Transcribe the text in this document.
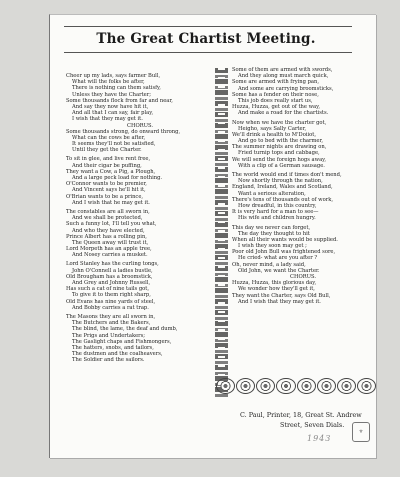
The Great Chartist Meeting.
Cheer up my lads, says farmer Bull,
What will the folks be after,
There is nothing can them satisfy,
Unless they have the Charter;
Some thousands flock from far and near,
And say they now have hit it,
And all that I can say, fair play,
I wish that they may get it.
CHORUS.
Some thousands strong, do onward throng,
What can the cows be after,
It seems they'll not be satisfied,
Until they get the Charter.
To sit in glee, and live rent free,
And their cigar be puffing,
They want a Cow, a Pig, a Plough,
And a large peck load for nothing.
O'Connor wants to be premier,
And Vincent says he'll hit it,
O'Brian wants to be a prince,
And I wish that he may get it.
The constables are all sworn in,
And we shall be protected,
Such a funny lot, I'll tell you what,
And who they have elected,
Prince Albert has a rolling pin,
The Queen away will trust it,
Lord Morpeth has an apple tree,
And Nosey carries a musket.
Lord Stanley has the curling tongs,
John O'Connell a ladies bustle,
Old Brougham has a broomstick,
And Grey and Johnny Russell,
Has such a cat of nine tails got,
To give it to them right sharp,
Old Evans has nine yards of steel,
And Bobby carries a rat trap.
The Masons they are all sworn in,
The Butchers and the Bakers,
The blind, the lame, the deaf and dumb,
The Prigs and Undertakers;
The Gaslight chaps and Fishmongers,
The hatters, snobs, and tailors,
The dustmen and the coalheavers,
The Soldier and the sailors.
Some of them are armed with swords,
And they along must march quick,
Some are armed with frying pan,
And some are carrying broomsticks,
Some has a fender on their nose,
This job does really start us,
Huzza, Huzza, get out of the way,
And make a road for the chartists.
Now when we have the charter got,
Heigho, says Sally Carter,
We'll drink a health to M'Doiiot,
And go to bed with the charmer,
The summer nights are drawing on,
Fried turnip tops and cabbage,
We will send the foreign hogs away,
With a clip of a German sausage.
The world would end if times don't mend,
Now shortly through the nation,
England, Ireland, Wales and Scotland,
Want a serious alteration,
There's tens of thousands out of work,
How dreadful, in this country,
It is very hard for a man to see—
His wife and children hungry.
This day we never can forget,
The day they thought to hit
When all their wants would be supplied.
I wish they soon may get ;
Poor old John Bull was frightened sore,
He cried- what are you after ?
Oh, never mind, a lady said,
Old John, we want the Charter.
CHORUS.
Huzza, Huzza, this glorious day,
We wonder how they'll get it,
They want the Charter, says Old Bull,
And I wish that they may get it.
C. Paul, Printer, 18, Great St. Andrew
Street, Seven Dials.
1943
⚜
